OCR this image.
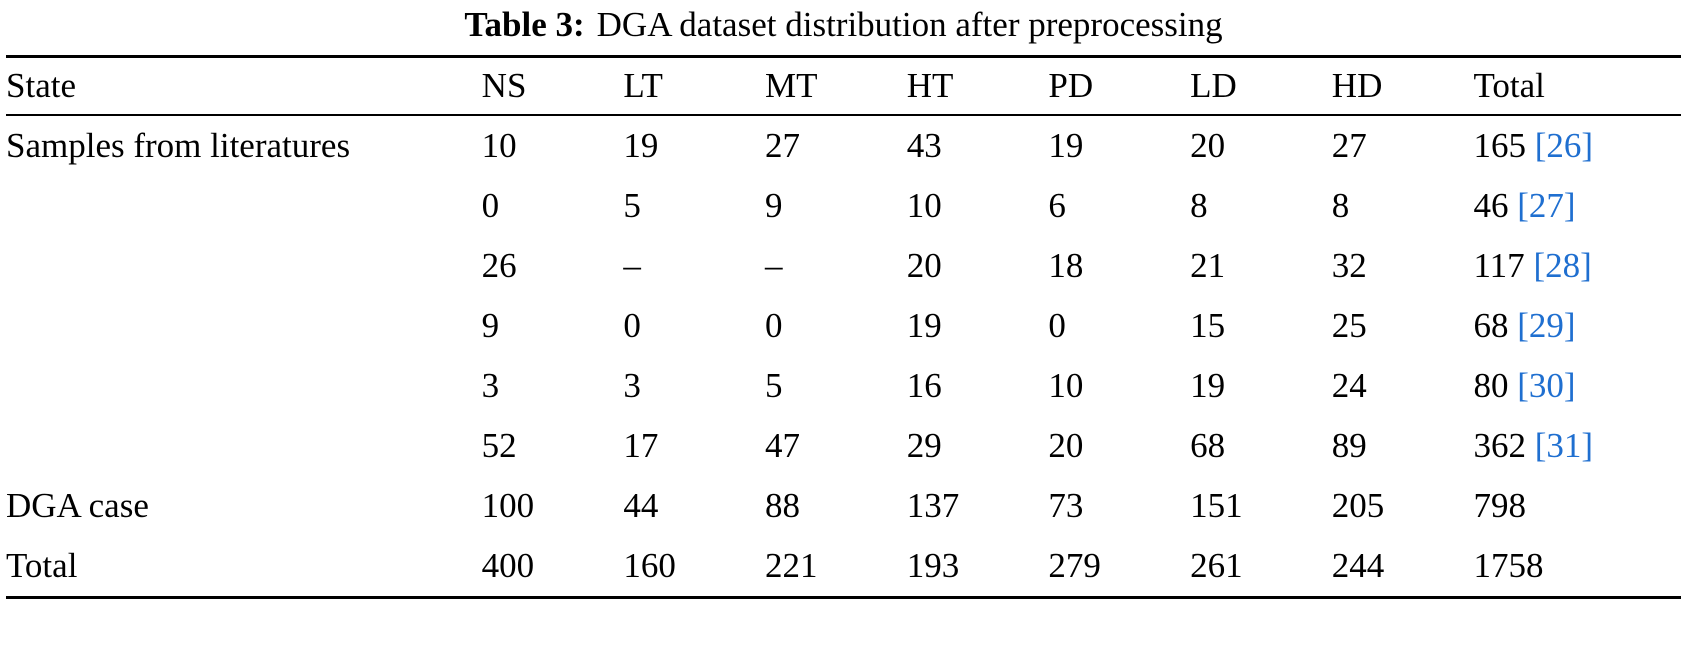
Table 3: DGA dataset distribution after preprocessing
State	NS	LT	MT	HT	PD	LD	HD	Total
Samples from literatures	10	19	27	43	19	20	27	165 [26]
	0	5	9	10	6	8	8	46 [27]
	26	–	–	20	18	21	32	117 [28]
	9	0	0	19	0	15	25	68 [29]
	3	3	5	16	10	19	24	80 [30]
	52	17	47	29	20	68	89	362 [31]
DGA case	100	44	88	137	73	151	205	798
Total	400	160	221	193	279	261	244	1758
